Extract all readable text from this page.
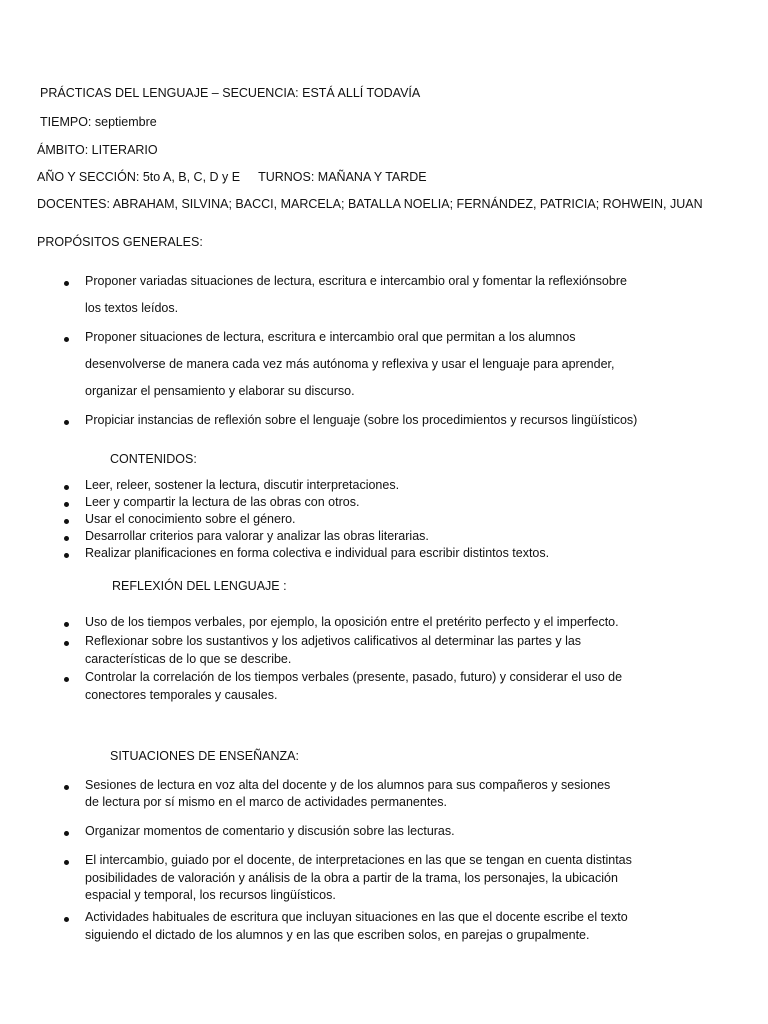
PRÁCTICAS DEL LENGUAJE – SECUENCIA: ESTÁ ALLÍ TODAVÍA
TIEMPO: septiembre
ÁMBITO: LITERARIO
AÑO Y SECCIÓN: 5to A, B, C, D y E TURNOS: MAÑANA Y TARDE
DOCENTES: ABRAHAM, SILVINA; BACCI, MARCELA; BATALLA NOELIA; FERNÁNDEZ, PATRICIA; ROHWEIN, JUAN
PROPÓSITOS GENERALES:
Proponer variadas situaciones de lectura, escritura e intercambio oral y fomentar la reflexiónsobre
los textos leídos.
Proponer situaciones de lectura, escritura e intercambio oral que permitan a los alumnos
desenvolverse de manera cada vez más autónoma y reflexiva y usar el lenguaje para aprender,
organizar el pensamiento y elaborar su discurso.
Propiciar instancias de reflexión sobre el lenguaje (sobre los procedimientos y recursos lingüísticos)
CONTENIDOS:
Leer, releer, sostener la lectura, discutir interpretaciones.
Leer y compartir la lectura de las obras con otros.
Usar el conocimiento sobre el género.
Desarrollar criterios para valorar y analizar las obras literarias.
Realizar planificaciones en forma colectiva e individual para escribir distintos textos.
REFLEXIÓN DEL LENGUAJE :
Uso de los tiempos verbales, por ejemplo, la oposición entre el pretérito perfecto y el imperfecto.
Reflexionar sobre los sustantivos y los adjetivos calificativos al determinar las partes y las
características de lo que se describe.
Controlar la correlación de los tiempos verbales (presente, pasado, futuro) y considerar el uso de
conectores temporales y causales.
SITUACIONES DE ENSEÑANZA:
Sesiones de lectura en voz alta del docente y de los alumnos para sus compañeros y sesiones
de lectura por sí mismo en el marco de actividades permanentes.
Organizar momentos de comentario y discusión sobre las lecturas.
El intercambio, guiado por el docente, de interpretaciones en las que se tengan en cuenta distintas
posibilidades de valoración y análisis de la obra a partir de la trama, los personajes, la ubicación
espacial y temporal, los recursos lingüísticos.
Actividades habituales de escritura que incluyan situaciones en las que el docente escribe el texto
siguiendo el dictado de los alumnos y en las que escriben solos, en parejas o grupalmente.
